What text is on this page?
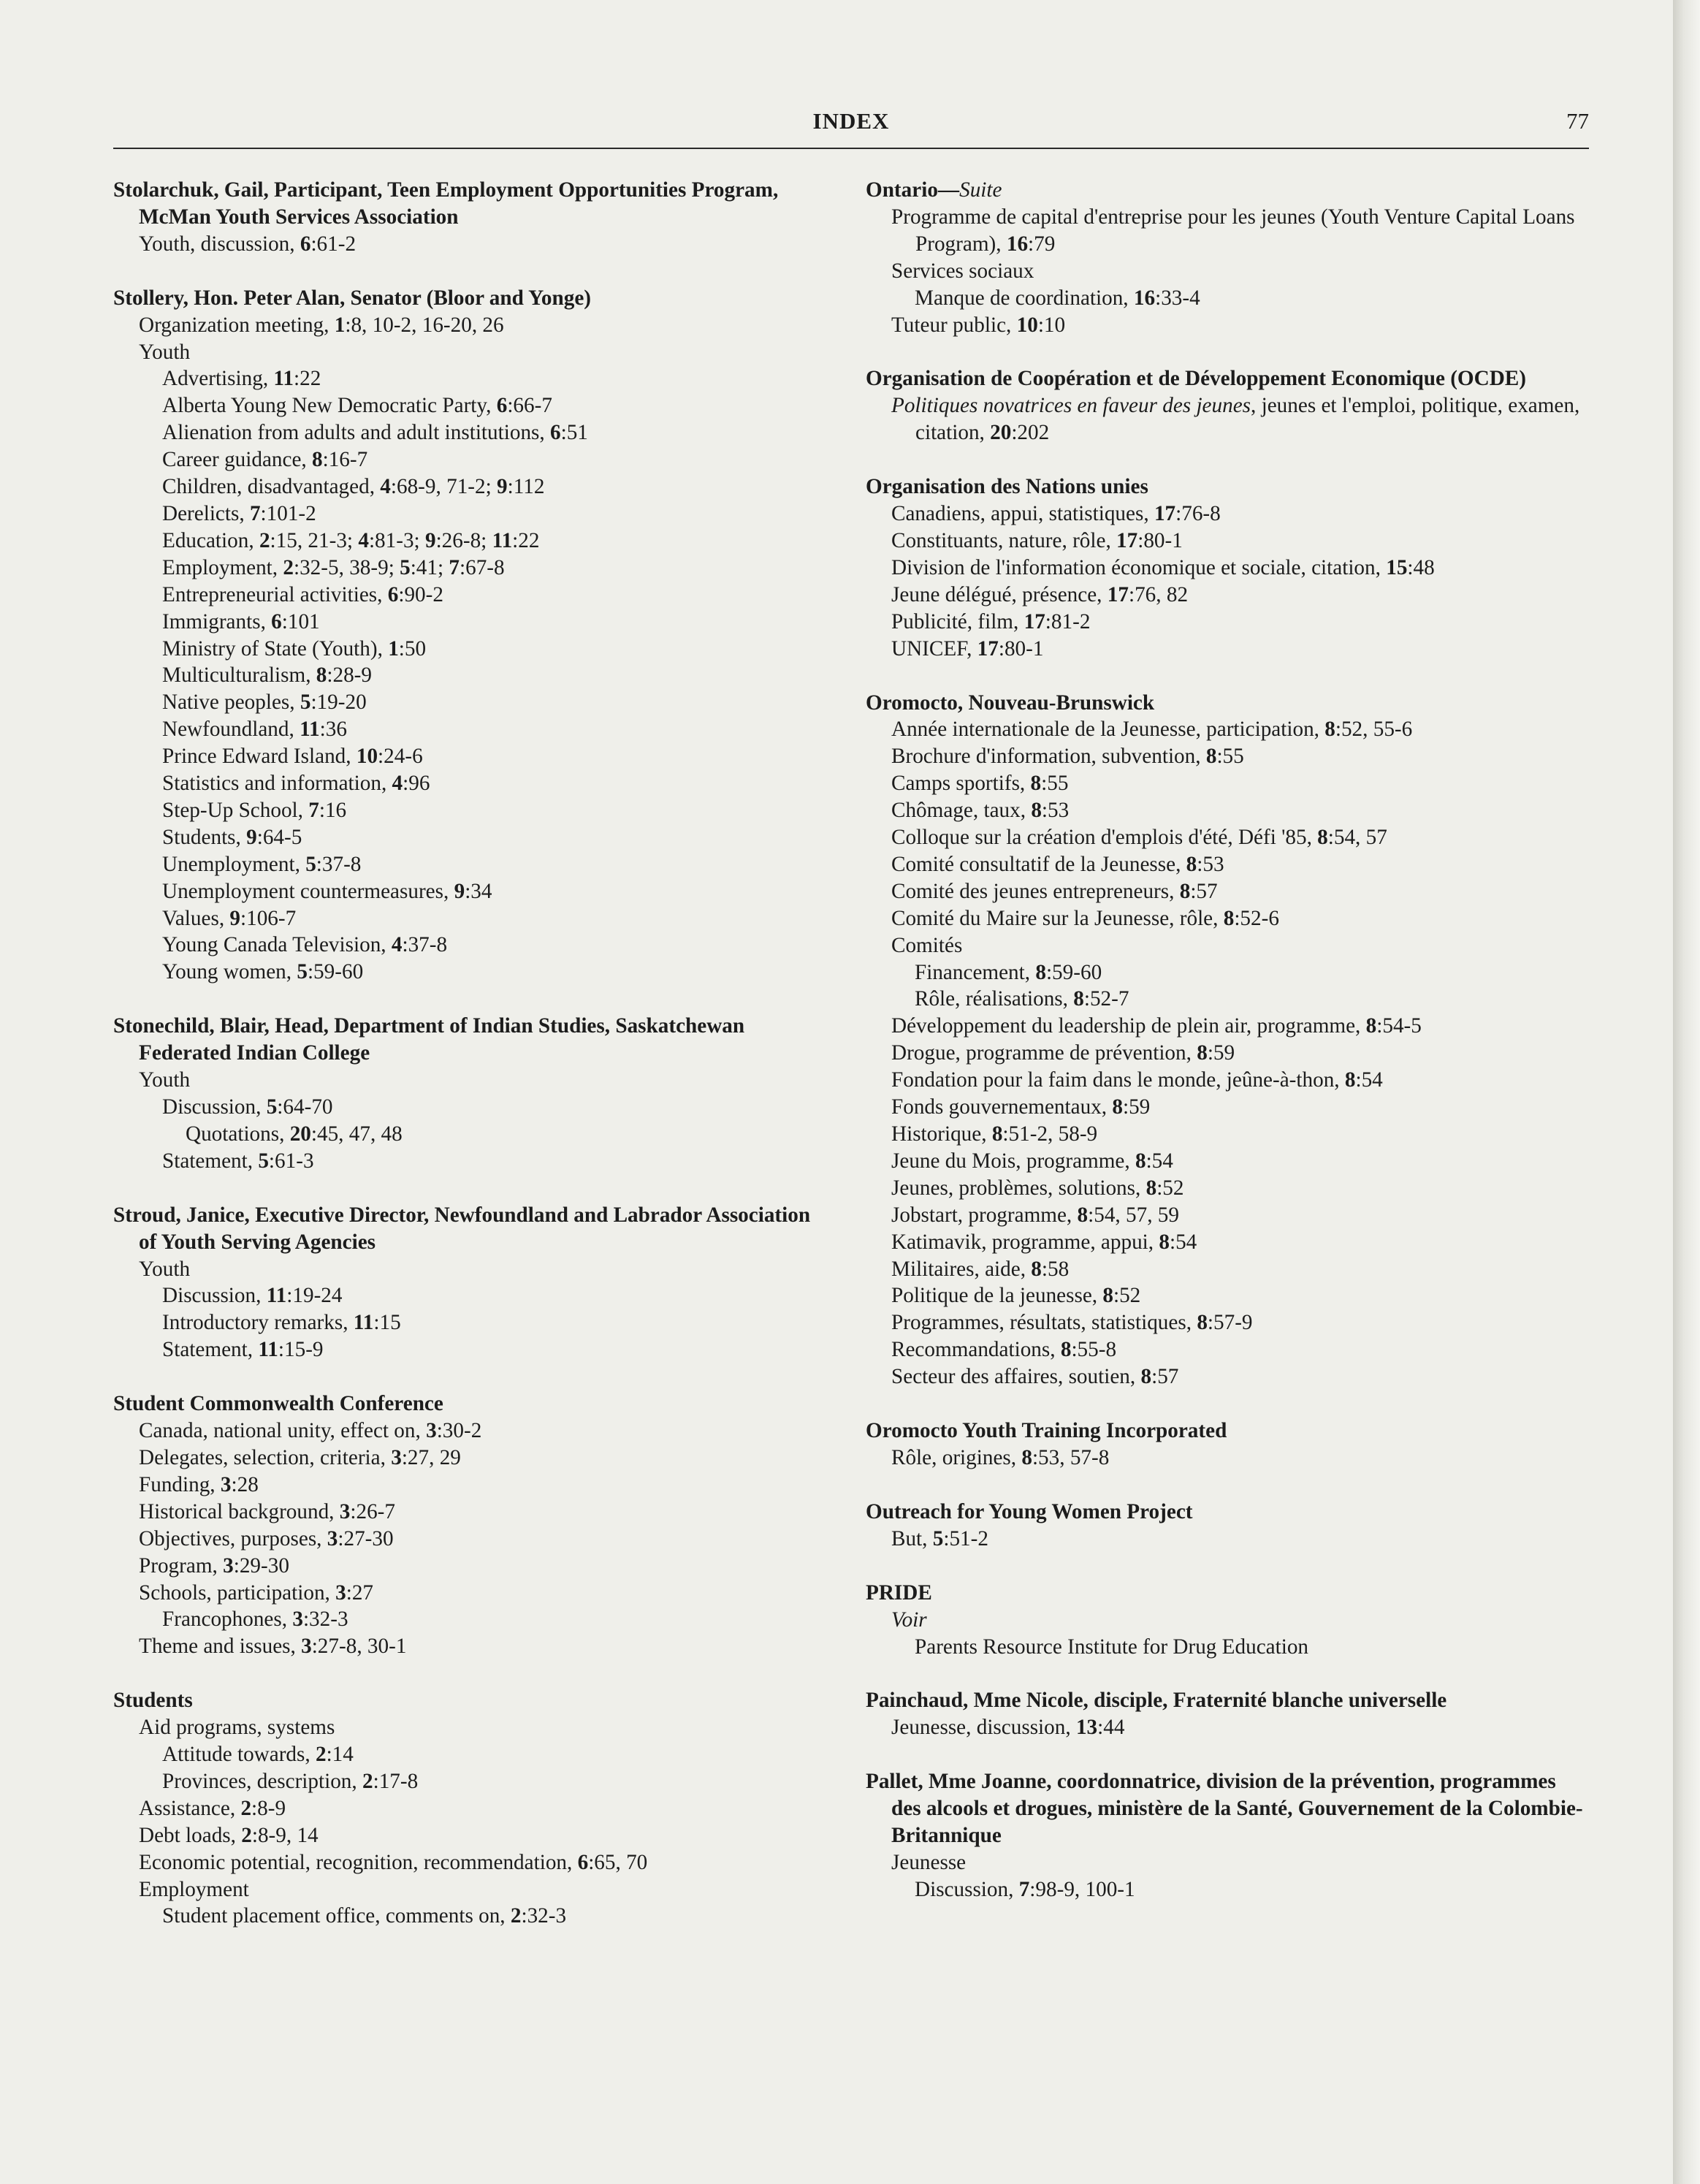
INDEX	77
Stolarchuk, Gail, Participant, Teen Employment Opportunities Program, McMan Youth Services Association
Youth, discussion, 6:61-2
Stollery, Hon. Peter Alan, Senator (Bloor and Yonge)
Organization meeting, 1:8, 10-2, 16-20, 26
Youth
Advertising, 11:22
Alberta Young New Democratic Party, 6:66-7
Alienation from adults and adult institutions, 6:51
Career guidance, 8:16-7
Children, disadvantaged, 4:68-9, 71-2; 9:112
Derelicts, 7:101-2
Education, 2:15, 21-3; 4:81-3; 9:26-8; 11:22
Employment, 2:32-5, 38-9; 5:41; 7:67-8
Entrepreneurial activities, 6:90-2
Immigrants, 6:101
Ministry of State (Youth), 1:50
Multiculturalism, 8:28-9
Native peoples, 5:19-20
Newfoundland, 11:36
Prince Edward Island, 10:24-6
Statistics and information, 4:96
Step-Up School, 7:16
Students, 9:64-5
Unemployment, 5:37-8
Unemployment countermeasures, 9:34
Values, 9:106-7
Young Canada Television, 4:37-8
Young women, 5:59-60
Stonechild, Blair, Head, Department of Indian Studies, Saskatchewan Federated Indian College
Youth
Discussion, 5:64-70
Quotations, 20:45, 47, 48
Statement, 5:61-3
Stroud, Janice, Executive Director, Newfoundland and Labrador Association of Youth Serving Agencies
Youth
Discussion, 11:19-24
Introductory remarks, 11:15
Statement, 11:15-9
Student Commonwealth Conference
Canada, national unity, effect on, 3:30-2
Delegates, selection, criteria, 3:27, 29
Funding, 3:28
Historical background, 3:26-7
Objectives, purposes, 3:27-30
Program, 3:29-30
Schools, participation, 3:27
Francophones, 3:32-3
Theme and issues, 3:27-8, 30-1
Students
Aid programs, systems
Attitude towards, 2:14
Provinces, description, 2:17-8
Assistance, 2:8-9
Debt loads, 2:8-9, 14
Economic potential, recognition, recommendation, 6:65, 70
Employment
Student placement office, comments on, 2:32-3
Ontario—Suite
Programme de capital d'entreprise pour les jeunes (Youth Venture Capital Loans Program), 16:79
Services sociaux
Manque de coordination, 16:33-4
Tuteur public, 10:10
Organisation de Coopération et de Développement Economique (OCDE)
Politiques novatrices en faveur des jeunes, jeunes et l'emploi, politique, examen, citation, 20:202
Organisation des Nations unies
Canadiens, appui, statistiques, 17:76-8
Constituants, nature, rôle, 17:80-1
Division de l'information économique et sociale, citation, 15:48
Jeune délégué, présence, 17:76, 82
Publicité, film, 17:81-2
UNICEF, 17:80-1
Oromocto, Nouveau-Brunswick
Année internationale de la Jeunesse, participation, 8:52, 55-6
Brochure d'information, subvention, 8:55
Camps sportifs, 8:55
Chômage, taux, 8:53
Colloque sur la création d'emplois d'été, Défi '85, 8:54, 57
Comité consultatif de la Jeunesse, 8:53
Comité des jeunes entrepreneurs, 8:57
Comité du Maire sur la Jeunesse, rôle, 8:52-6
Comités
Financement, 8:59-60
Rôle, réalisations, 8:52-7
Développement du leadership de plein air, programme, 8:54-5
Drogue, programme de prévention, 8:59
Fondation pour la faim dans le monde, jeûne-à-thon, 8:54
Fonds gouvernementaux, 8:59
Historique, 8:51-2, 58-9
Jeune du Mois, programme, 8:54
Jeunes, problèmes, solutions, 8:52
Jobstart, programme, 8:54, 57, 59
Katimavik, programme, appui, 8:54
Militaires, aide, 8:58
Politique de la jeunesse, 8:52
Programmes, résultats, statistiques, 8:57-9
Recommandations, 8:55-8
Secteur des affaires, soutien, 8:57
Oromocto Youth Training Incorporated
Rôle, origines, 8:53, 57-8
Outreach for Young Women Project
But, 5:51-2
PRIDE
Voir
Parents Resource Institute for Drug Education
Painchaud, Mme Nicole, disciple, Fraternité blanche universelle
Jeunesse, discussion, 13:44
Pallet, Mme Joanne, coordonnatrice, division de la prévention, programmes des alcools et drogues, ministère de la Santé, Gouvernement de la Colombie-Britannique
Jeunesse
Discussion, 7:98-9, 100-1
